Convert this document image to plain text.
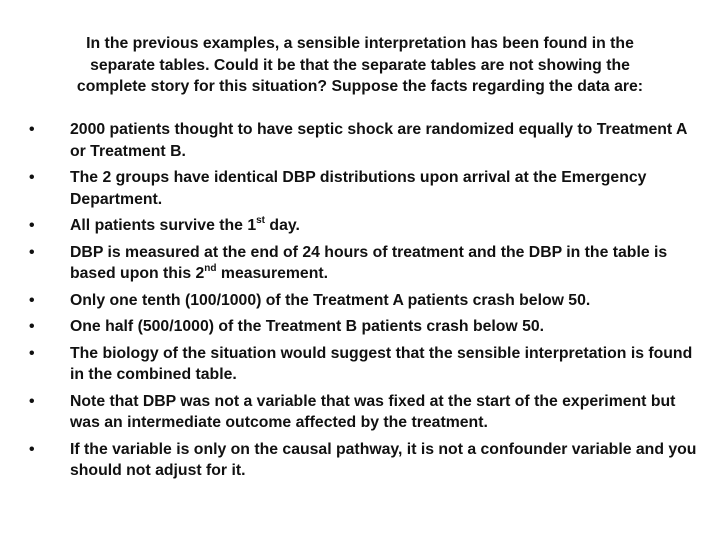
In the previous examples, a sensible interpretation has been found in the
separate tables. Could it be that the separate tables are not showing the
complete story for this situation? Suppose the facts regarding the data are:
•	2000 patients thought to have septic shock are randomized equally to Treatment A or Treatment B.
•	The 2 groups have identical DBP distributions upon arrival at the Emergency Department.
•	All patients survive the 1st day.
•	DBP is measured at the end of 24 hours of treatment and the DBP in the table is based upon this 2nd measurement.
•	Only one tenth (100/1000) of the Treatment A patients crash below 50.
•	One half (500/1000) of the Treatment B patients crash below 50.
•	The biology of the situation would suggest that the sensible interpretation is found in the combined table.
•	Note that DBP was not a variable that was fixed at the start of the experiment but was an intermediate outcome affected by the treatment.
•	If the variable is only on the causal pathway, it is not a confounder variable and you should not adjust for it.
